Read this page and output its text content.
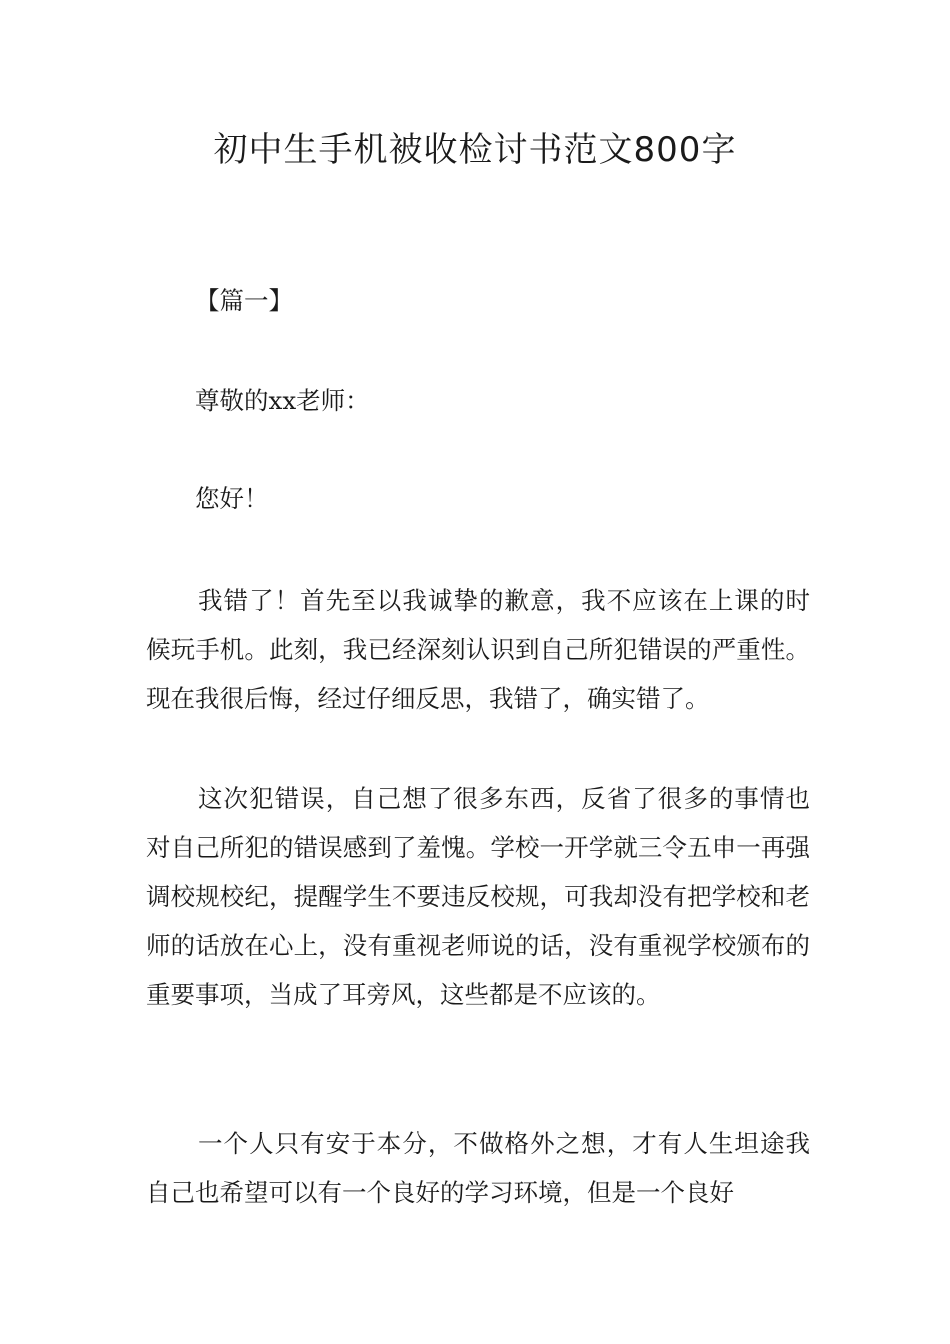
初中生手机被收检讨书范文800字

【篇一】

尊敬的xx老师：

您好！

我错了！首先至以我诚挚的歉意，我不应该在上课的时候玩手机。此刻，我已经深刻认识到自己所犯错误的严重性。现在我很后悔，经过仔细反思，我错了，确实错了。

这次犯错误，自己想了很多东西，反省了很多的事情也对自己所犯的错误感到了羞愧。学校一开学就三令五申一再强调校规校纪，提醒学生不要违反校规，可我却没有把学校和老师的话放在心上，没有重视老师说的话，没有重视学校颁布的重要事项，当成了耳旁风，这些都是不应该的。

一个人只有安于本分，不做格外之想，才有人生坦途我自己也希望可以有一个良好的学习环境，但是一个良好
